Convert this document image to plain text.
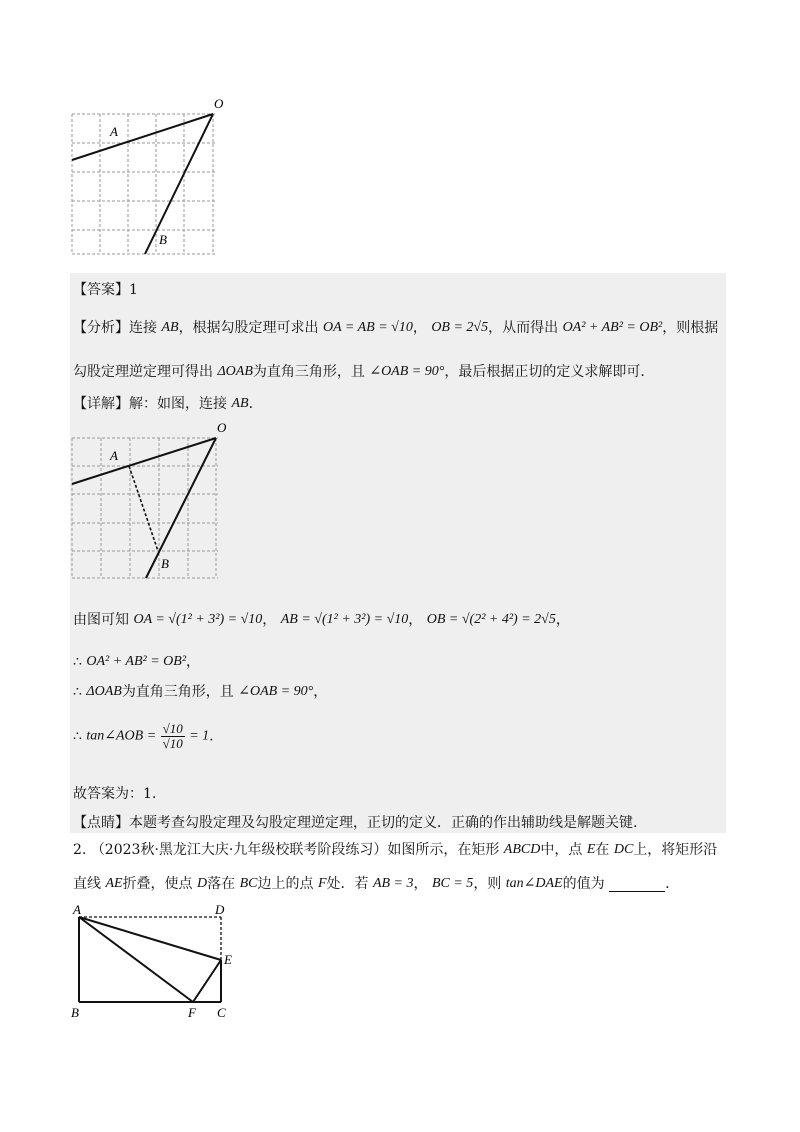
O
A
B
【答案】1
【分析】连接 AB，根据勾股定理可求出 OA = AB = √10， OB = 2√5，从而得出 OA² + AB² = OB²，则根据
勾股定理逆定理可得出 ΔOAB为直角三角形，且 ∠OAB = 90°，最后根据正切的定义求解即可.
【详解】解：如图，连接 AB.
O
A
B
由图可知 OA = √(1² + 3²) = √10， AB = √(1² + 3²) = √10， OB = √(2² + 4²) = 2√5，
∴ OA² + AB² = OB²，
∴ ΔOAB为直角三角形，且 ∠OAB = 90°，
∴ tan∠AOB = $\frac{√10}{√10} = 1$.
故答案为：1.
【点睛】本题考查勾股定理及勾股定理逆定理，正切的定义．正确的作出辅助线是解题关键.
2. （2023秋·黑龙江大庆·九年级校联考阶段练习）如图所示，在矩形 ABCD中，点 E在 DC上，将矩形沿
直线 AE折叠，使点 D落在 BC边上的点 F处．若 AB = 3， BC = 5，则 tan∠DAE的值为	.
A	D
E
B	F C
